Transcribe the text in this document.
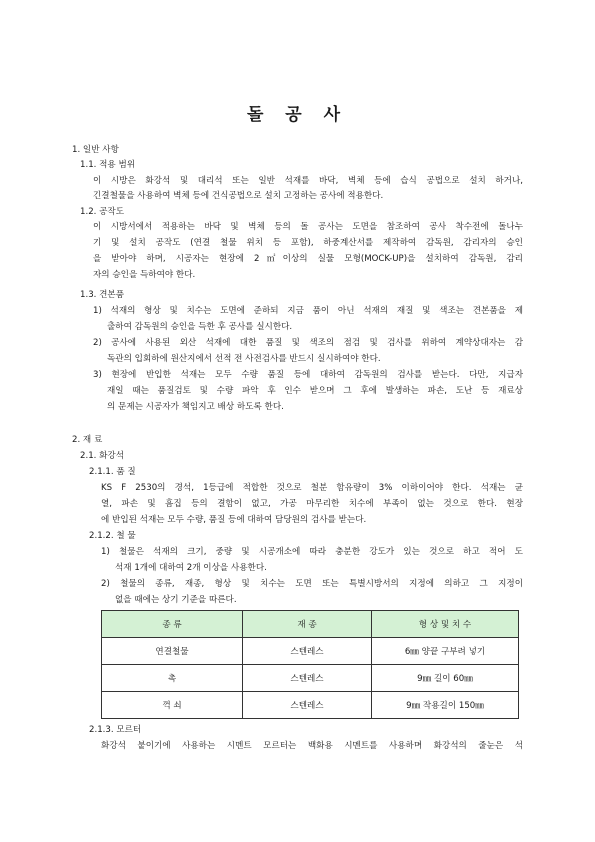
돌 공 사
1. 일반 사항
1.1. 적용 범위
이 시방은 화강석 및 대리석 또는 일반 석재를 바닥, 벽체 등에 습식 공법으로 설치 하거나,
긴결철물을 사용하여 벽체 등에 건식공법으로 설치 고정하는 공사에 적용한다.
1.2. 공작도
이 시방서에서 적용하는 바닥 및 벽체 등의 돌 공사는 도면을 참조하여 공사 착수전에 돌나누
기 및 설치 공작도 (연결 철물 위치 등 포함), 하중계산서를 제작하여 감독원, 감리자의 승인
을 받아야 하며, 시공자는 현장에 2㎡이상의 실물 모형(MOCK-UP)을 설치하여 감독원, 감리
자의 승인을 득하여야 한다.
1.3. 견본품
1) 석재의 형상 및 치수는 도면에 준하되 지금 품이 아닌 석재의 재질 및 색조는 견본품을 제
출하여 감독원의 승인을 득한 후 공사를 실시한다.
2) 공사에 사용된 외산 석재에 대한 품질 및 색조의 점검 및 검사를 위하여 계약상대자는 감
독관의 입회하에 원산지에서 선적 전 사전검사를 반드시 실시하여야 한다.
3) 현장에 반입한 석재는 모두 수량 품질 등에 대하여 감독원의 검사를 받는다. 다만, 지급자
재일 때는 품질검토 및 수량 파악 후 인수 받으며 그 후에 발생하는 파손, 도난 등 재료상
의 문제는 시공자가 책임지고 배상 하도록 한다.
2. 재 료
2.1. 화강석
2.1.1. 품 질
KS F 2530의 경석, 1등급에 적합한 것으로 철분 함유량이 3% 이하이어야 한다. 석재는 균
열, 파손 및 흠집 등의 결함이 없고, 가공 마무리한 치수에 부족이 없는 것으로 한다. 현장
에 반입된 석재는 모두 수량, 품질 등에 대하여 담당원의 검사를 받는다.
2.1.2. 철 물
1) 철물은 석재의 크기, 중량 및 시공개소에 따라 충분한 강도가 있는 것으로 하고 적어 도
석재 1개에 대하여 2개 이상을 사용한다.
2) 철물의 종류, 재종, 형상 및 치수는 도면 또는 특별시방서의 지정에 의하고 그 지정이
없을 때에는 상기 기준을 따른다.
종 류	재 종	형 상 및 치 수
연결철물	스텐레스	6㎜ 양끝 구부려 넣기
촉	스텐레스	9㎜ 길이 60㎜
꺽 쇠	스텐레스	9㎜ 작용길이 150㎜
2.1.3. 모르터
화강석 붙이기에 사용하는 시멘트 모르터는 백화용 시멘트를 사용하며 화강석의 줄눈은 석
